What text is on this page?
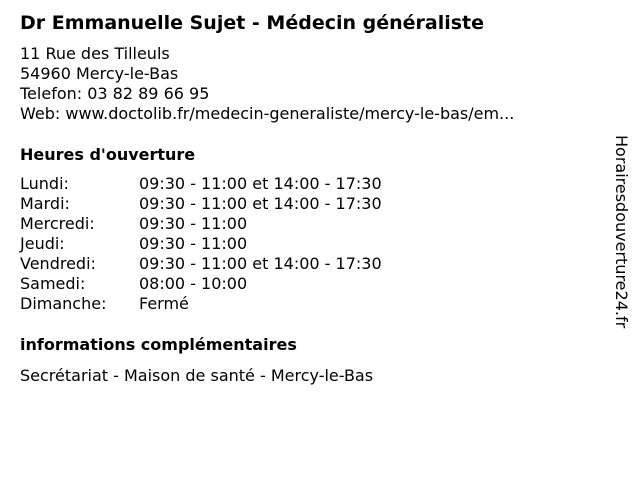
Dr Emmanuelle Sujet - Médecin généraliste
11 Rue des Tilleuls
54960 Mercy-le-Bas
Telefon: 03 82 89 66 95
Web: www.doctolib.fr/medecin-generaliste/mercy-le-bas/em...
Heures d'ouverture
Lundi:	09:30 - 11:00 et 14:00 - 17:30
Mardi:	09:30 - 11:00 et 14:00 - 17:30
Mercredi:	09:30 - 11:00
Jeudi:	09:30 - 11:00
Vendredi:	09:30 - 11:00 et 14:00 - 17:30
Samedi:	08:00 - 10:00
Dimanche:	Fermé
informations complémentaires
Secrétariat - Maison de santé - Mercy-le-Bas
Horairesdouverture24.fr
